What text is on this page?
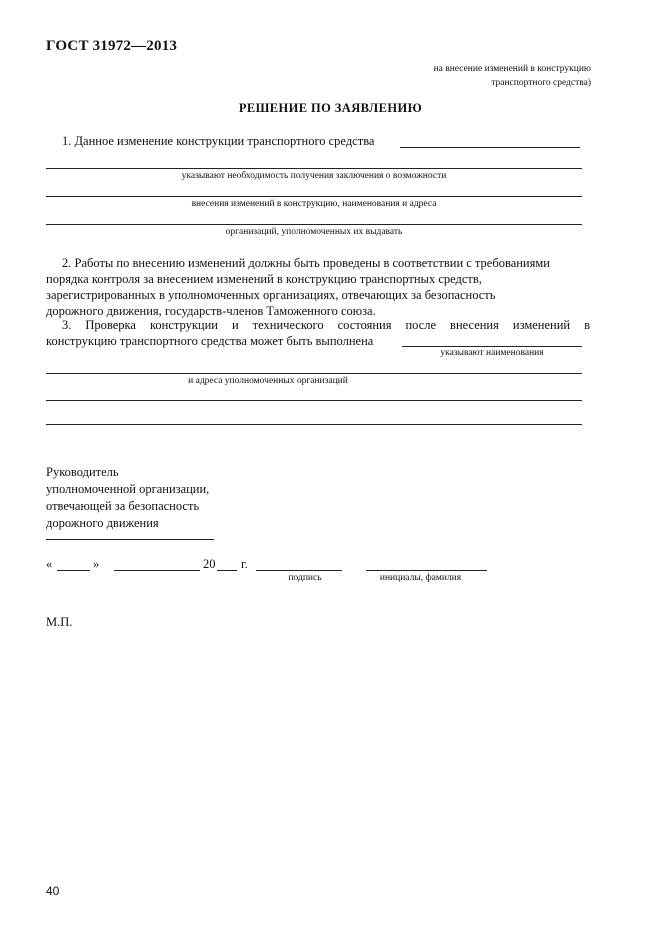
ГОСТ 31972—2013
на внесение изменений в конструкцию
транспортного средства)
РЕШЕНИЕ ПО ЗАЯВЛЕНИЮ
1. Данное изменение конструкции транспортного средства
указывают необходимость получения заключения о возможности
внесения изменений в конструкцию, наименования и адреса
организаций, уполномоченных их выдавать
2. Работы по внесению изменений должны быть проведены в соответствии с требованиями
порядка контроля за внесением изменений в конструкцию транспортных средств,
зарегистрированных в уполномоченных организациях, отвечающих за безопасность
дорожного движения, государств-членов Таможенного союза.
3. Проверка конструкции и технического состояния после внесения изменений в
конструкцию транспортного средства может быть выполнена
указывают наименования
и адреса уполномоченных организаций
Руководитель
уполномоченной организации,
отвечающей за безопасность
дорожного движения
«	»	20 г.
подпись	инициалы, фамилия
М.П.
40
